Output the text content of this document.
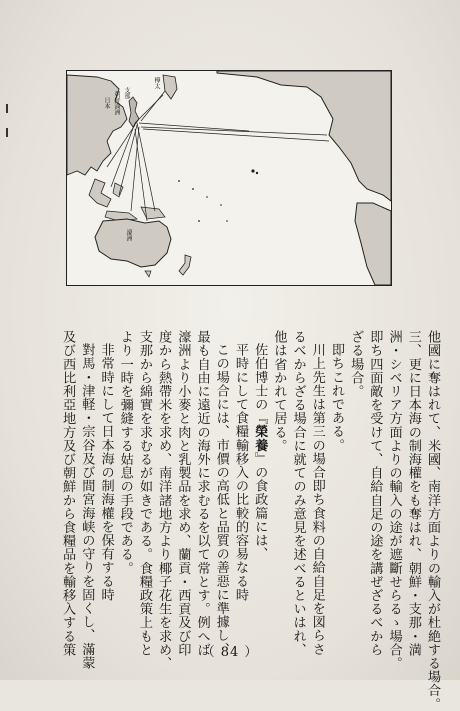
支那
朝鮮満洲
日本
樺太
濠洲
他國に奪はれて、米國、南洋方面よりの輸入が杜絶する場合。
三、更に日本海の制海權をも奪はれ、朝鮮・支那・満
洲・シベリア方面よりの輸入の途が遮斷せらるゝ場合。
即ち四面敵を受けて、自給自足の途を講ぜざるべから
ざる場合。
即ちこれである。
川上先生は第三の場合即ち食料の自給自足を図らさ
るべからざる場合に就てのみ意見を述べるといはれ、
他は省かれて居る。
佐伯博士の『榮養』の食政篇には、
平時にして食糧輸移入の比較的容易なる時
この場合には、市價の高低と品質の善惡に準據し、
最も自由に遠近の海外に求むるを以て常とす。例へば
濠洲より小麥と肉と乳製品を求め、蘭貢・西貢及び印
度から熱帶米を求め、南洋諸地方より椰子花生を求め、
支那から綿實を求むるが如きである。食糧政策上もと
より一時を彌縫する姑息の手段である。
非常時にして日本海の制海權を保有する時
對馬・津軽・宗谷及び間宮海峡の守りを固くし、滿蒙
及び西比利亞地方及び朝鮮から食糧品を輸移入する策	（ 84 ）
